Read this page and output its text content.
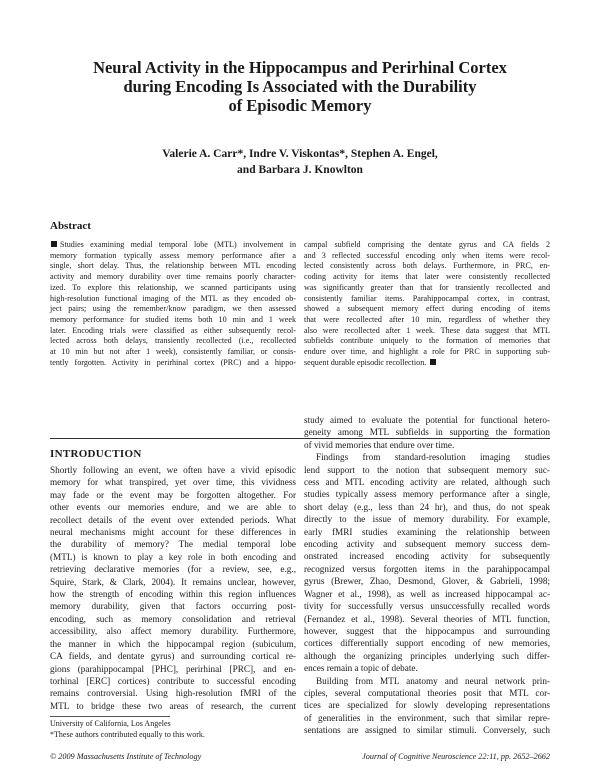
Neural Activity in the Hippocampus and Perirhinal Cortex
during Encoding Is Associated with the Durability
of Episodic Memory
Valerie A. Carr*, Indre V. Viskontas*, Stephen A. Engel,
and Barbara J. Knowlton
Abstract
Studies examining medial temporal lobe (MTL) involvement in
memory formation typically assess memory performance after a
single, short delay. Thus, the relationship between MTL encoding
activity and memory durability over time remains poorly character-
ized. To explore this relationship, we scanned participants using
high-resolution functional imaging of the MTL as they encoded ob-
ject pairs; using the remember/know paradigm, we then assessed
memory performance for studied items both 10 min and 1 week
later. Encoding trials were classified as either subsequently recol-
lected across both delays, transiently recollected (i.e., recollected
at 10 min but not after 1 week), consistently familiar, or consis-
tently forgotten. Activity in perirhinal cortex (PRC) and a hippo-
campal subfield comprising the dentate gyrus and CA fields 2
and 3 reflected successful encoding only when items were recol-
lected consistently across both delays. Furthermore, in PRC, en-
coding activity for items that later were consistently recollected
was significantly greater than that for transiently recollected and
consistently familiar items. Parahippocampal cortex, in contrast,
showed a subsequent memory effect during encoding of items
that were recollected after 10 min, regardless of whether they
also were recollected after 1 week. These data suggest that MTL
subfields contribute uniquely to the formation of memories that
endure over time, and highlight a role for PRC in supporting sub-
sequent durable episodic recollection.
INTRODUCTION
Shortly following an event, we often have a vivid episodic
memory for what transpired, yet over time, this vividness
may fade or the event may be forgotten altogether. For
other events our memories endure, and we are able to
recollect details of the event over extended periods. What
neural mechanisms might account for these differences in
the durability of memory? The medial temporal lobe
(MTL) is known to play a key role in both encoding and
retrieving declarative memories (for a review, see, e.g.,
Squire, Stark, & Clark, 2004). It remains unclear, however,
how the strength of encoding within this region influences
memory durability, given that factors occurring post-
encoding, such as memory consolidation and retrieval
accessibility, also affect memory durability. Furthermore,
the manner in which the hippocampal region (subiculum,
CA fields, and dentate gyrus) and surrounding cortical re-
gions (parahippocampal [PHC], perirhinal [PRC], and en-
torhinal [ERC] cortices) contribute to successful encoding
remains controversial. Using high-resolution fMRI of the
MTL to bridge these two areas of research, the current
study aimed to evaluate the potential for functional hetero-
geneity among MTL subfields in supporting the formation
of vivid memories that endure over time.
Findings from standard-resolution imaging studies
lend support to the notion that subsequent memory suc-
cess and MTL encoding activity are related, although such
studies typically assess memory performance after a single,
short delay (e.g., less than 24 hr), and thus, do not speak
directly to the issue of memory durability. For example,
early fMRI studies examining the relationship between
encoding activity and subsequent memory success dem-
onstrated increased encoding activity for subsequently
recognized versus forgotten items in the parahippocampal
gyrus (Brewer, Zhao, Desmond, Glover, & Gabrieli, 1998;
Wagner et al., 1998), as well as increased hippocampal ac-
tivity for successfully versus unsuccessfully recalled words
(Fernandez et al., 1998). Several theories of MTL function,
however, suggest that the hippocampus and surrounding
cortices differentially support encoding of new memories,
although the organizing principles underlying such differ-
ences remain a topic of debate.
Building from MTL anatomy and neural network prin-
ciples, several computational theories posit that MTL cor-
tices are specialized for slowly developing representations
of generalities in the environment, such that similar repre-
sentations are assigned to similar stimuli. Conversely, such
University of California, Los Angeles
*These authors contributed equally to this work.
© 2009 Massachusetts Institute of Technology	Journal of Cognitive Neuroscience 22:11, pp. 2652–2662
